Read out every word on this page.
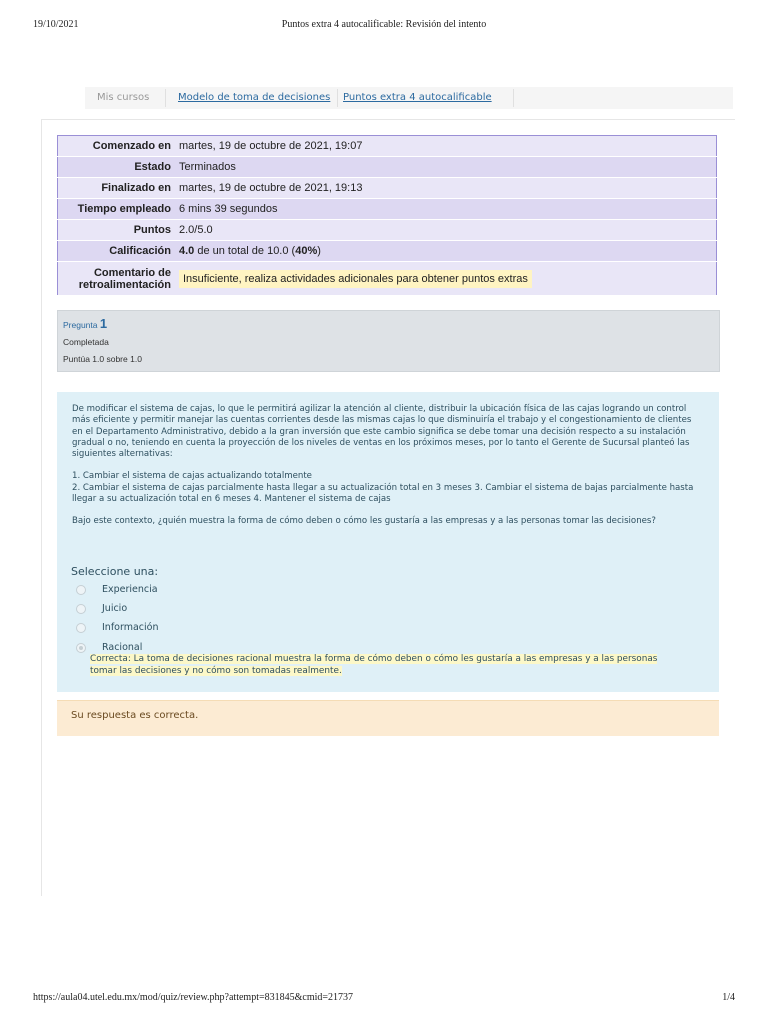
19/10/2021	Puntos extra 4 autocalificable: Revisión del intento
Mis cursos	Modelo de toma de decisiones Puntos extra 4 autocalificable
Comenzado en	martes, 19 de octubre de 2021, 19:07
Estado	Terminados
Finalizado en	martes, 19 de octubre de 2021, 19:13
Tiempo empleado	6 mins 39 segundos
Puntos	2.0/5.0
Calificación	4.0 de un total de 10.0 (40%)
Comentario de retroalimentación	Insuficiente, realiza actividades adicionales para obtener puntos extras
Pregunta 1
Completada
Puntúa 1.0 sobre 1.0

De modificar el sistema de cajas, lo que le permitirá agilizar la atención al cliente, distribuir la ubicación física de las cajas logrando un control más eficiente y permitir manejar las cuentas corrientes desde las mismas cajas lo que disminuiría el trabajo y el congestionamiento de clientes en el Departamento Administrativo, debido a la gran inversión que este cambio significa se debe tomar una decisión respecto a su instalación gradual o no, teniendo en cuenta la proyección de los niveles de ventas en los próximos meses, por lo tanto el Gerente de Sucursal planteó las siguientes alternativas:

1. Cambiar el sistema de cajas actualizando totalmente
2. Cambiar el sistema de cajas parcialmente hasta llegar a su actualización total en 3 meses 3. Cambiar el sistema de bajas parcialmente hasta llegar a su actualización total en 6 meses 4. Mantener el sistema de cajas

Bajo este contexto, ¿quién muestra la forma de cómo deben o cómo les gustaría a las empresas y a las personas tomar las decisiones?

Seleccione una:
Experiencia
Juicio
Información
Racional
Correcta: La toma de decisiones racional muestra la forma de cómo deben o cómo les gustaría a las empresas y a las personas tomar las decisiones y no cómo son tomadas realmente.
Su respuesta es correcta.
https://aula04.utel.edu.mx/mod/quiz/review.php?attempt=831845&cmid=21737	1/4
